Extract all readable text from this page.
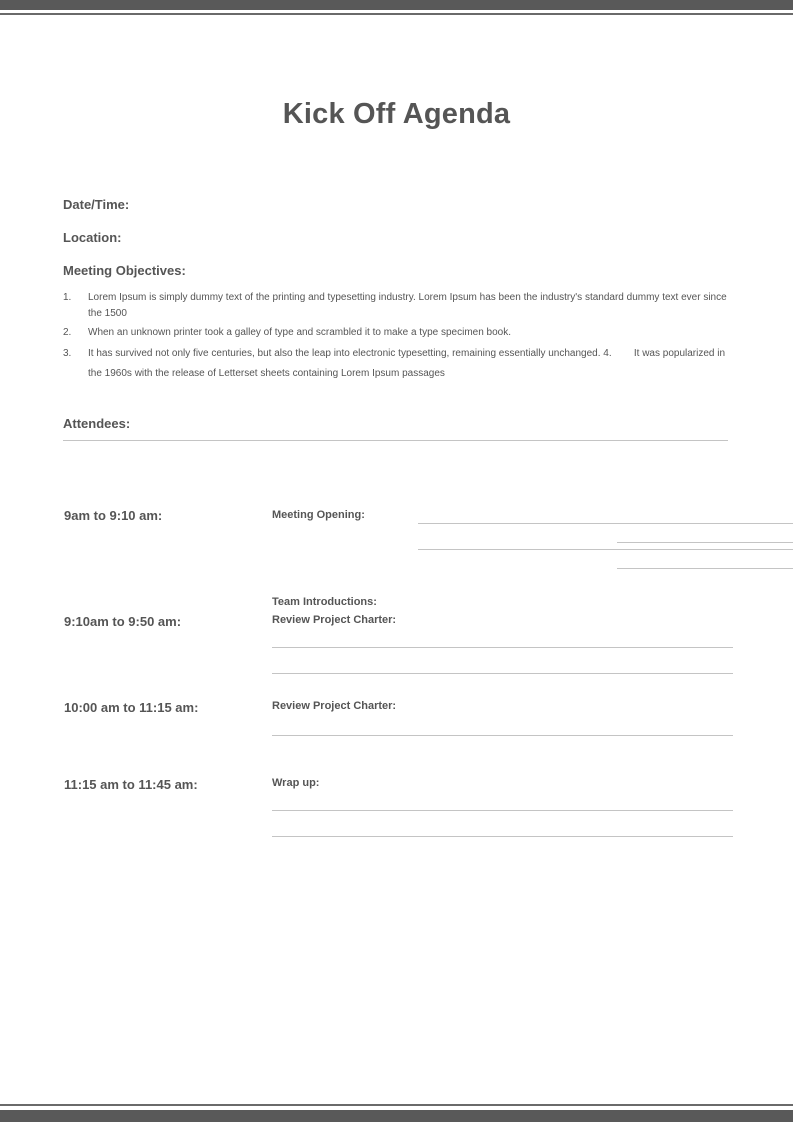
Kick Off Agenda
Date/Time:
Location:
Meeting Objectives:
1. Lorem Ipsum is simply dummy text of the printing and typesetting industry. Lorem Ipsum has been the industry's standard dummy text ever since the 1500
2. When an unknown printer took a galley of type and scrambled it to make a type specimen book.
3. It has survived not only five centuries, but also the leap into electronic typesetting, remaining essentially unchanged. 4.        It was popularized in the 1960s with the release of Letterset sheets containing Lorem Ipsum passages
Attendees:
9am to 9:10 am:	Meeting Opening:
Team Introductions:
9:10am to 9:50 am:	Review Project Charter:
10:00 am to 11:15 am:	Review Project Charter:
11:15 am to 11:45 am:	Wrap up:
